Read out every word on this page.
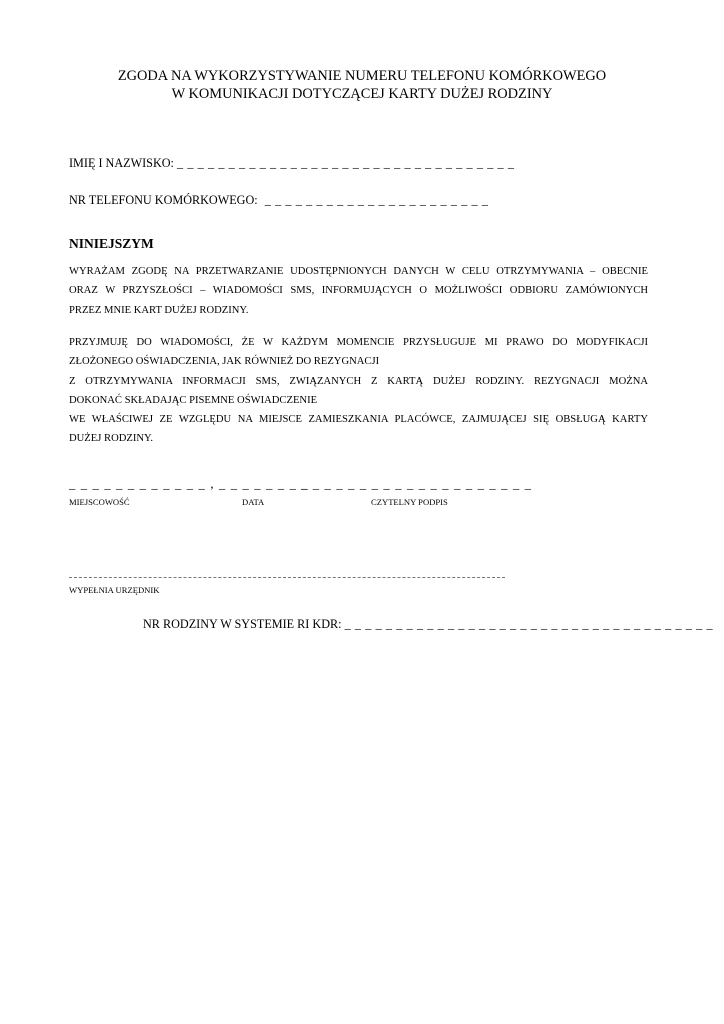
ZGODA NA WYKORZYSTYWANIE NUMERU TELEFONU KOMÓRKOWEGO
W KOMUNIKACJI DOTYCZĄCEJ KARTY DUŻEJ RODZINY
IMIĘ I NAZWISKO: _ _ _ _ _ _ _ _ _ _ _ _ _ _ _ _ _ _ _ _ _ _ _ _ _ _ _ _ _ _ _ _ _
NR TELEFONU KOMÓRKOWEGO: _ _ _ _ _ _ _ _ _ _ _ _ _ _ _ _ _ _ _ _ _ _
NINIEJSZYM

WYRAŻAM ZGODĘ NA PRZETWARZANIE UDOSTĘPNIONYCH DANYCH W CELU OTRZYMYWANIA – OBECNIE

ORAZ W PRZYSZŁOŚCI – WIADOMOŚCI SMS, INFORMUJĄCYCH O MOŻLIWOŚCI ODBIORU ZAMÓWIONYCH

PRZEZ MNIE KART DUŻEJ RODZINY.

PRZYJMUJĘ DO WIADOMOŚCI, ŻE W KAŻDYM MOMENCIE PRZYSŁUGUJE MI PRAWO DO MODYFIKACJI

ZŁOŻONEGO OŚWIADCZENIA, JAK RÓWNIEŻ DO REZYGNACJI

Z OTRZYMYWANIA INFORMACJI SMS, ZWIĄZANYCH Z KARTĄ DUŻEJ RODZINY. REZYGNACJI MOŻNA

DOKONAĆ SKŁADAJĄC PISEMNE OŚWIADCZENIE

WE WŁAŚCIWEJ ZE WZGLĘDU NA MIEJSCE ZAMIESZKANIA PLACÓWCE, ZAJMUJĄCEJ SIĘ OBSŁUGĄ KARTY

DUŻEJ RODZINY.

_ _ _ _ _ _ _ _ _ _ _ _ , _ _ _ _ _ _ _ _
_ _ _ _ _ _ _ _ _ _ _ _ _ _ _ _ _ _ _ _
MIEJSCOWOŚĆ	DATA	CZYTELNY PODPIS
WYPEŁNIA URZĘDNIK
NR RODZINY W SYSTEMIE RI KDR: _ _ _ _ _ _ _ _ _ _ _ _ _ _ _ _ _ _ _ _ _ _ _ _ _ _ _ _ _ _ _ _ _ _ _ _
